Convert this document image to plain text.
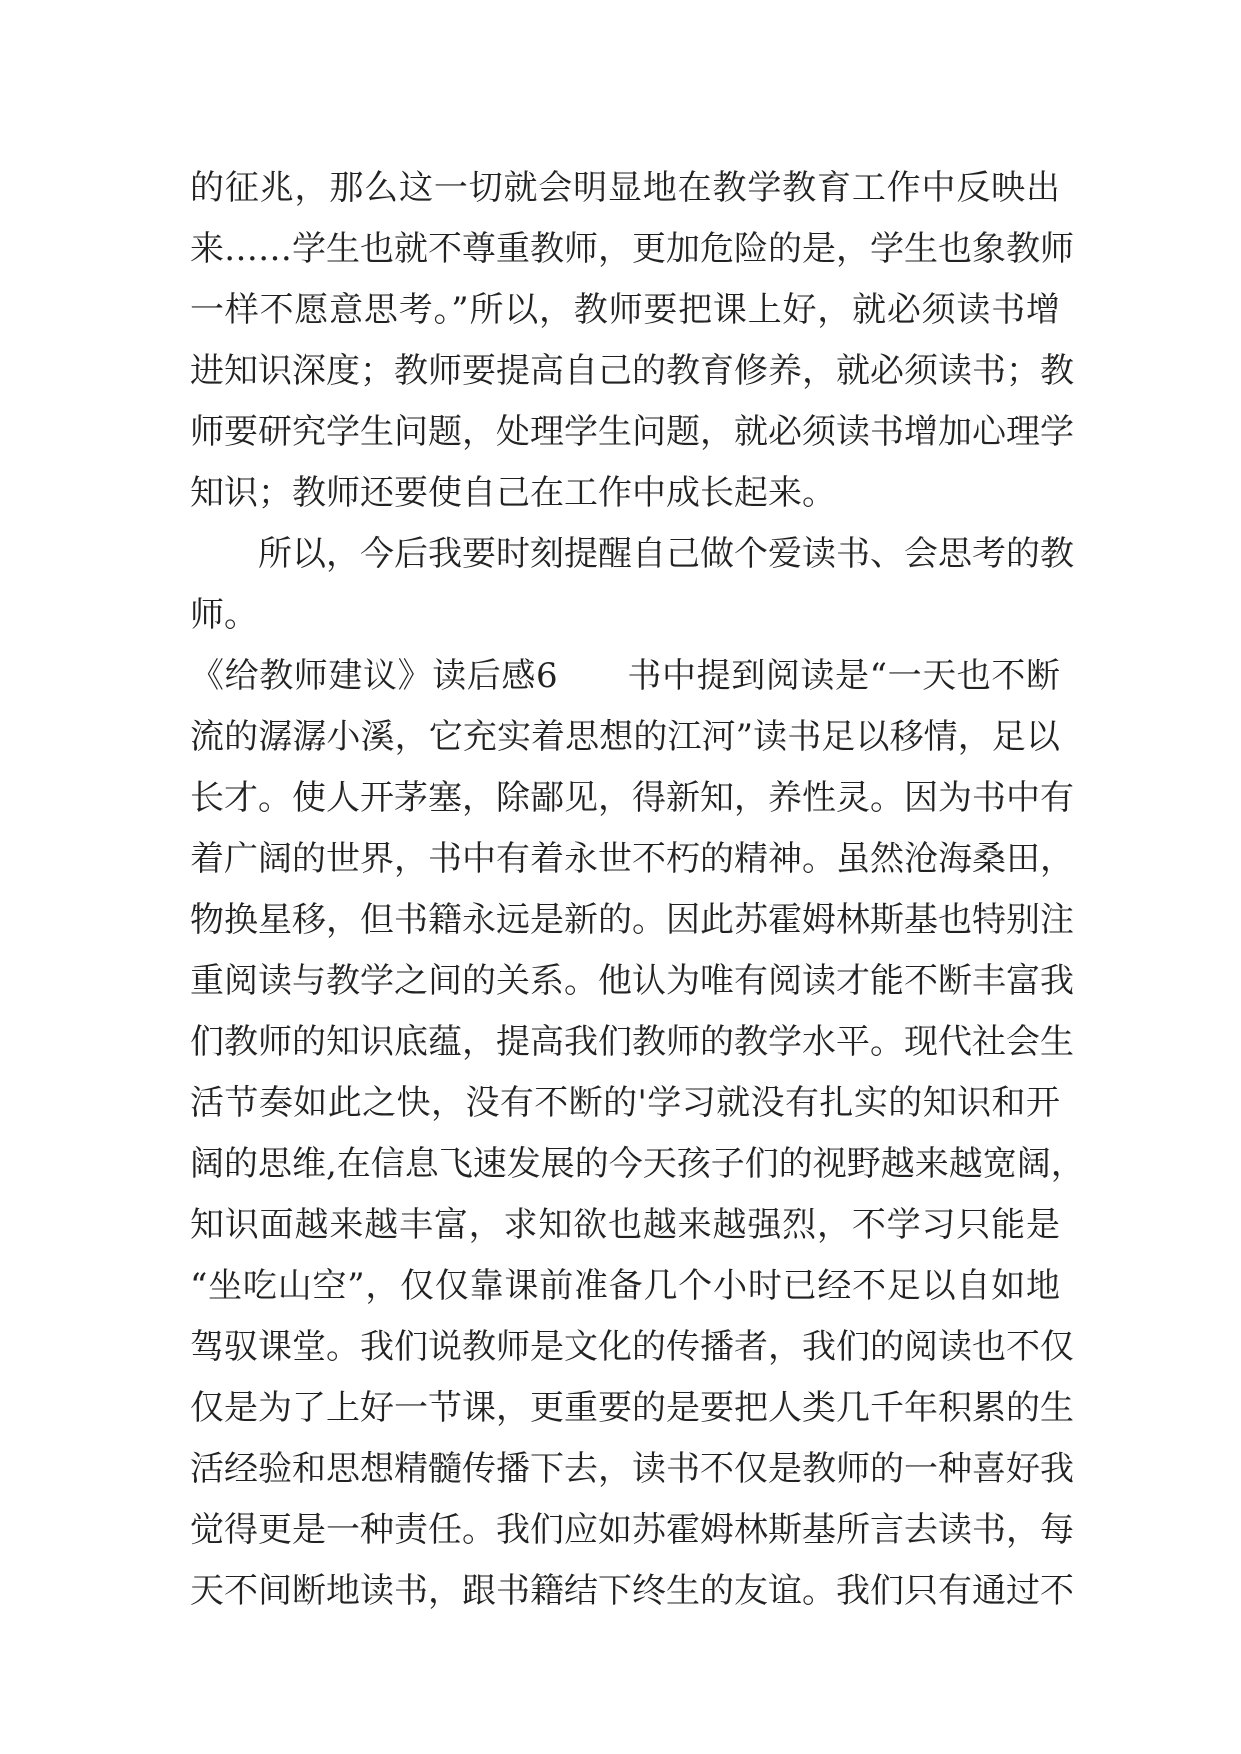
的征兆，那么这一切就会明显地在教学教育工作中反映出
来……学生也就不尊重教师，更加危险的是，学生也象教师
一样不愿意思考。”所以，教师要把课上好，就必须读书增
进知识深度；教师要提高自己的教育修养，就必须读书；教
师要研究学生问题，处理学生问题，就必须读书增加心理学
知识；教师还要使自己在工作中成长起来。
所以，今后我要时刻提醒自己做个爱读书、会思考的教
师。
《给教师建议》读后感6　　书中提到阅读是“一天也不断
流的潺潺小溪，它充实着思想的江河”读书足以移情，足以
长才。使人开茅塞，除鄙见，得新知，养性灵。因为书中有
着广阔的世界，书中有着永世不朽的精神。虽然沧海桑田，
物换星移，但书籍永远是新的。因此苏霍姆林斯基也特别注
重阅读与教学之间的关系。他认为唯有阅读才能不断丰富我
们教师的知识底蕴，提高我们教师的教学水平。现代社会生
活节奏如此之快，没有不断的'学习就没有扎实的知识和开
阔的思维,在信息飞速发展的今天孩子们的视野越来越宽阔，
知识面越来越丰富，求知欲也越来越强烈，不学习只能是
“坐吃山空”，仅仅靠课前准备几个小时已经不足以自如地
驾驭课堂。我们说教师是文化的传播者，我们的阅读也不仅
仅是为了上好一节课，更重要的是要把人类几千年积累的生
活经验和思想精髓传播下去，读书不仅是教师的一种喜好我
觉得更是一种责任。我们应如苏霍姆林斯基所言去读书，每
天不间断地读书，跟书籍结下终生的友谊。我们只有通过不
